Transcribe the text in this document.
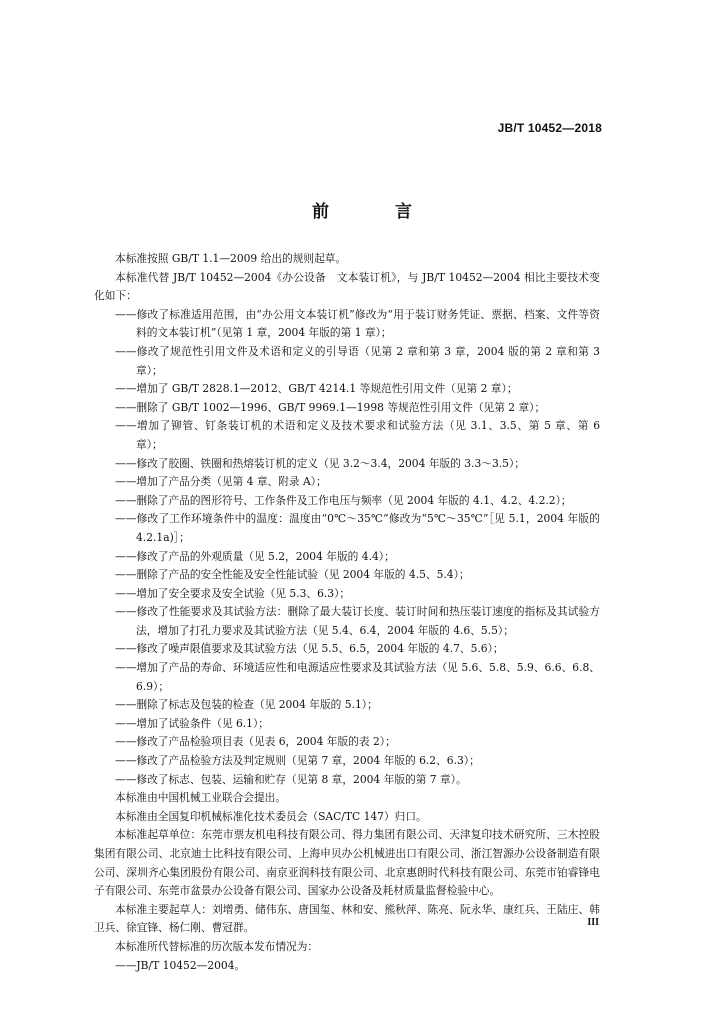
JB/T 10452—2018
前 言

本标准按照 GB/T 1.1—2009 给出的规则起草。

本标准代替 JB/T 10452—2004《办公设备　文本装订机》，与 JB/T 10452—2004 相比主要技术变化如下：

——修改了标准适用范围，由“办公用文本装订机”修改为“用于装订财务凭证、票据、档案、文件等资料的文本装订机”（见第 1 章，2004 年版的第 1 章）；

——修改了规范性引用文件及术语和定义的引导语（见第 2 章和第 3 章，2004 版的第 2 章和第 3 章）；

——增加了 GB/T 2828.1—2012、GB/T 4214.1 等规范性引用文件（见第 2 章）；

——删除了 GB/T 1002—1996、GB/T 9969.1—1998 等规范性引用文件（见第 2 章）；

——增加了铆管、钉条装订机的术语和定义及技术要求和试验方法（见 3.1、3.5、第 5 章、第 6 章）；

——修改了胶圈、铁圈和热熔装订机的定义（见 3.2～3.4，2004 年版的 3.3～3.5）；

——增加了产品分类（见第 4 章、附录 A）；

——删除了产品的图形符号、工作条件及工作电压与频率（见 2004 年版的 4.1、4.2、4.2.2）；

——修改了工作环境条件中的温度：温度由“0℃～35℃”修改为“5℃～35℃”［见 5.1，2004 年版的 4.2.1a)］；

——修改了产品的外观质量（见 5.2，2004 年版的 4.4）；

——删除了产品的安全性能及安全性能试验（见 2004 年版的 4.5、5.4）；

——增加了安全要求及安全试验（见 5.3、6.3）；

——修改了性能要求及其试验方法：删除了最大装订长度、装订时间和热压装订速度的指标及其试验方法，增加了打孔力要求及其试验方法（见 5.4、6.4，2004 年版的 4.6、5.5）；

——修改了噪声限值要求及其试验方法（见 5.5、6.5，2004 年版的 4.7、5.6）；

——增加了产品的寿命、环境适应性和电源适应性要求及其试验方法（见 5.6、5.8、5.9、6.6、6.8、6.9）；

——删除了标志及包装的检查（见 2004 年版的 5.1）；

——增加了试验条件（见 6.1）；

——修改了产品检验项目表（见表 6，2004 年版的表 2）；

——修改了产品检验方法及判定规则（见第 7 章，2004 年版的 6.2、6.3）；

——修改了标志、包装、运输和贮存（见第 8 章，2004 年版的第 7 章）。

本标准由中国机械工业联合会提出。

本标准由全国复印机械标准化技术委员会（SAC/TC 147）归口。

本标准起草单位：东莞市票友机电科技有限公司、得力集团有限公司、天津复印技术研究所、三木控股集团有限公司、北京迪士比科技有限公司、上海申贝办公机械进出口有限公司、浙江智源办公设备制造有限公司、深圳齐心集团股份有限公司、南京亚润科技有限公司、北京惠朗时代科技有限公司、东莞市铂睿锋电子有限公司、东莞市盆景办公设备有限公司、国家办公设备及耗材质量监督检验中心。

本标准主要起草人：刘增勇、储伟东、唐国玺、林和安、熊秋萍、陈亮、阮永华、康红兵、王陆庄、韩卫兵、徐宜锋、杨仁刚、曹冠群。

本标准所代替标准的历次版本发布情况为：

——JB/T 10452—2004。

III
